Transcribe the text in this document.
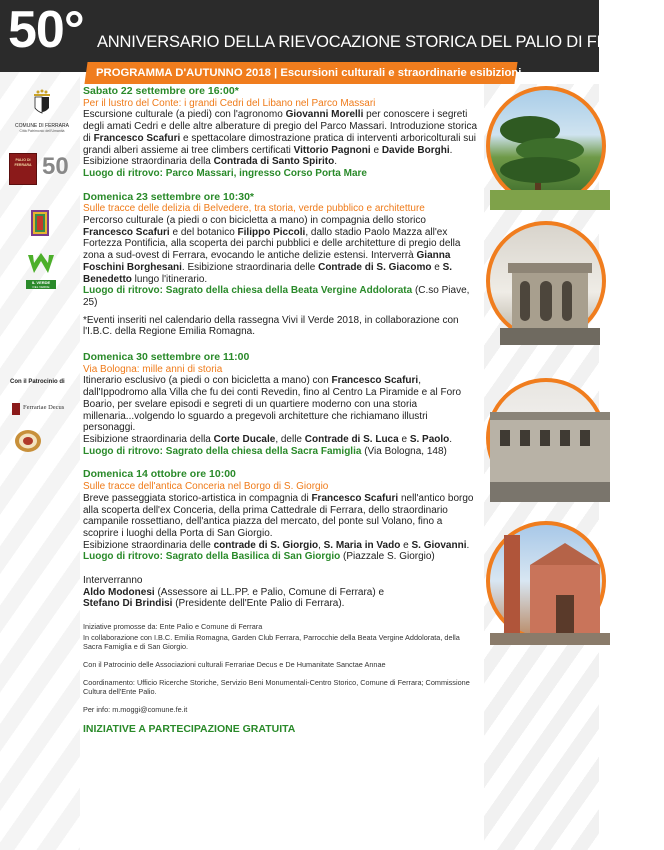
50° ANNIVERSARIO DELLA RIEVOCAZIONE STORICA DEL PALIO DI FERRARA
PROGRAMMA D'AUTUNNO 2018 | Escursioni culturali e straordinarie esibizioni
COMUNE DI FERRARA
Città Patrimonio dell'Umanità
PALIO DI FERRARA 50
IL VERDE
DEL VERDE
Con il Patrocinio di
Ferrariae Decus
Sabato 22 settembre ore 16:00*
Per il lustro del Conte: i grandi Cedri del Libano nel Parco Massari
Escursione culturale (a piedi) con l'agronomo Giovanni Morelli per conoscere i segreti degli amati Cedri e delle altre alberature di pregio del Parco Massari. Introduzione storica di Francesco Scafuri e spettacolare dimostrazione pratica di interventi arboricolturali sui grandi alberi assieme ai tree climbers certificati Vittorio Pagnoni e Davide Borghi.
Esibizione straordinaria della Contrada di Santo Spirito.
Luogo di ritrovo: Parco Massari, ingresso Corso Porta Mare
Domenica 23 settembre ore 10:30*
Sulle tracce delle delizia di Belvedere, tra storia, verde pubblico e architetture
Percorso culturale (a piedi o con bicicletta a mano) in compagnia dello storico Francesco Scafuri e del botanico Filippo Piccoli, dallo stadio Paolo Mazza all'ex Fortezza Pontificia, alla scoperta dei parchi pubblici e delle architetture di pregio della zona a sud-ovest di Ferrara, evocando le antiche delizie estensi. Interverrà Gianna Foschini Borghesani. Esibizione straordinaria delle Contrade di S. Giacomo e S. Benedetto lungo l'itinerario.
Luogo di ritrovo: Sagrato della chiesa della Beata Vergine Addolorata (C.so Piave, 25)
*Eventi inseriti nel calendario della rassegna Vivi il Verde 2018, in collaborazione con l'I.B.C. della Regione Emilia Romagna.
Domenica 30 settembre ore 11:00
Via Bologna: mille anni di storia
Itinerario esclusivo (a piedi o con bicicletta a mano) con Francesco Scafuri, dall'Ippodromo alla Villa che fu dei conti Revedin, fino al Centro La Piramide e al Foro Boario, per svelare episodi e segreti di un quartiere moderno con una storia millenaria...volgendo lo sguardo a pregevoli architetture che richiamano illustri personaggi.
Esibizione straordinaria della Corte Ducale, delle Contrade di S. Luca e S. Paolo.
Luogo di ritrovo: Sagrato della chiesa della Sacra Famiglia (Via Bologna, 148)
Domenica 14 ottobre ore 10:00
Sulle tracce dell'antica Conceria nel Borgo di S. Giorgio
Breve passeggiata storico-artistica in compagnia di Francesco Scafuri nell'antico borgo alla scoperta dell'ex Conceria, della prima Cattedrale di Ferrara, dello straordinario campanile rossettiano, dell'antica piazza del mercato, del ponte sul Volano, fino a scoprire i luoghi della Porta di San Giorgio.
Esibizione straordinaria delle contrade di S. Giorgio, S. Maria in Vado e S. Giovanni.
Luogo di ritrovo: Sagrato della Basilica di San Giorgio (Piazzale S. Giorgio)
Interverranno
Aldo Modonesi (Assessore ai LL.PP. e Palio, Comune di Ferrara) e
Stefano Di Brindisi (Presidente dell'Ente Palio di Ferrara).

Iniziative promosse da: Ente Palio e Comune di Ferrara

In collaborazione con I.B.C. Emilia Romagna, Garden Club Ferrara, Parrocchie della Beata Vergine Addolorata, della Sacra Famiglia e di San Giorgio.

Con il Patrocinio delle Associazioni culturali Ferrariae Decus e De Humanitate Sanctae Annae

Coordinamento: Ufficio Ricerche Storiche, Servizio Beni Monumentali-Centro Storico, Comune di Ferrara; Commissione Cultura dell'Ente Palio.

Per info: m.moggi@comune.fe.it

INIZIATIVE A PARTECIPAZIONE GRATUITA
